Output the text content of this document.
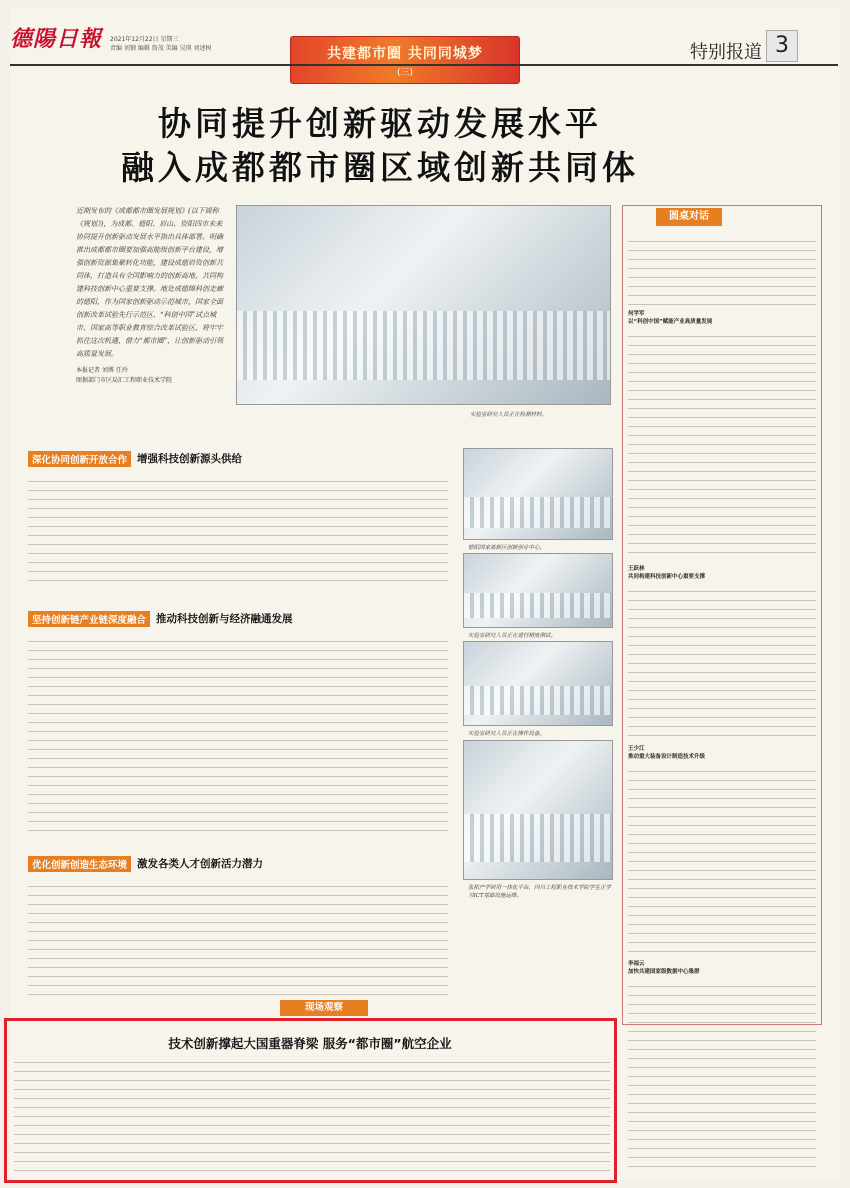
德陽日報 2021年12月22日 星期三
责编 刘钢 编辑 詹茂 美编 吴瑛 刘述树	共建都市圈 共同同城梦
(三)
特别报道 3
协同提升创新驱动发展水平
融入成都都市圈区域创新共同体
近期发布的《成都都市圈发展规划》(以下简称《规划》)，为成都、德阳、眉山、资阳四市未来协同提升创新驱动发展水平指出具体部署。明确推出成都都市圈要加强高能级创新平台建设，增强创新资源集聚转化功能，建设成德眉资创新共同体，打造具有全国影响力的创新高地，共同构建科技创新中心重要支撑。地处成德绵科创走廊的德阳，作为国家创新驱动示范城市，国家全面创新改革试验先行示范区、“科创中国”试点城市、国家高等职业教育综合改革试验区，将牢牢抓住这次机遇，借力“都市圈”，让创新驱动引领高质量发展。
本报记者 刘博 任玲
图据部门市区局汇工程职业技术学院
实验室研究人员正在检测材料。
圆桌对话
何学军
以“科创中国”赋能产业高质量发展
王跃林
共同构建科技创新中心重要支撑
王少江
推动重大装备设计制造技术升级
李福云
加快共建国家级数据中心集群
深化协同创新开放合作 增强科技创新源头供给
坚持创新链产业链深度融合 推动科技创新与经济融通发展
优化创新创造生态环境 激发各类人才创新活力潜力
德阳国家高新区创新创业中心。
实验室研究人员正在进行精度测试。
实验室研究人员正在操作设备。
张拓产学研用一体化平台，四川工程职业技术学院学生正学习ICT基础设施运维。
现场观察
技术创新撑起大国重器脊梁 服务“都市圈”航空企业
